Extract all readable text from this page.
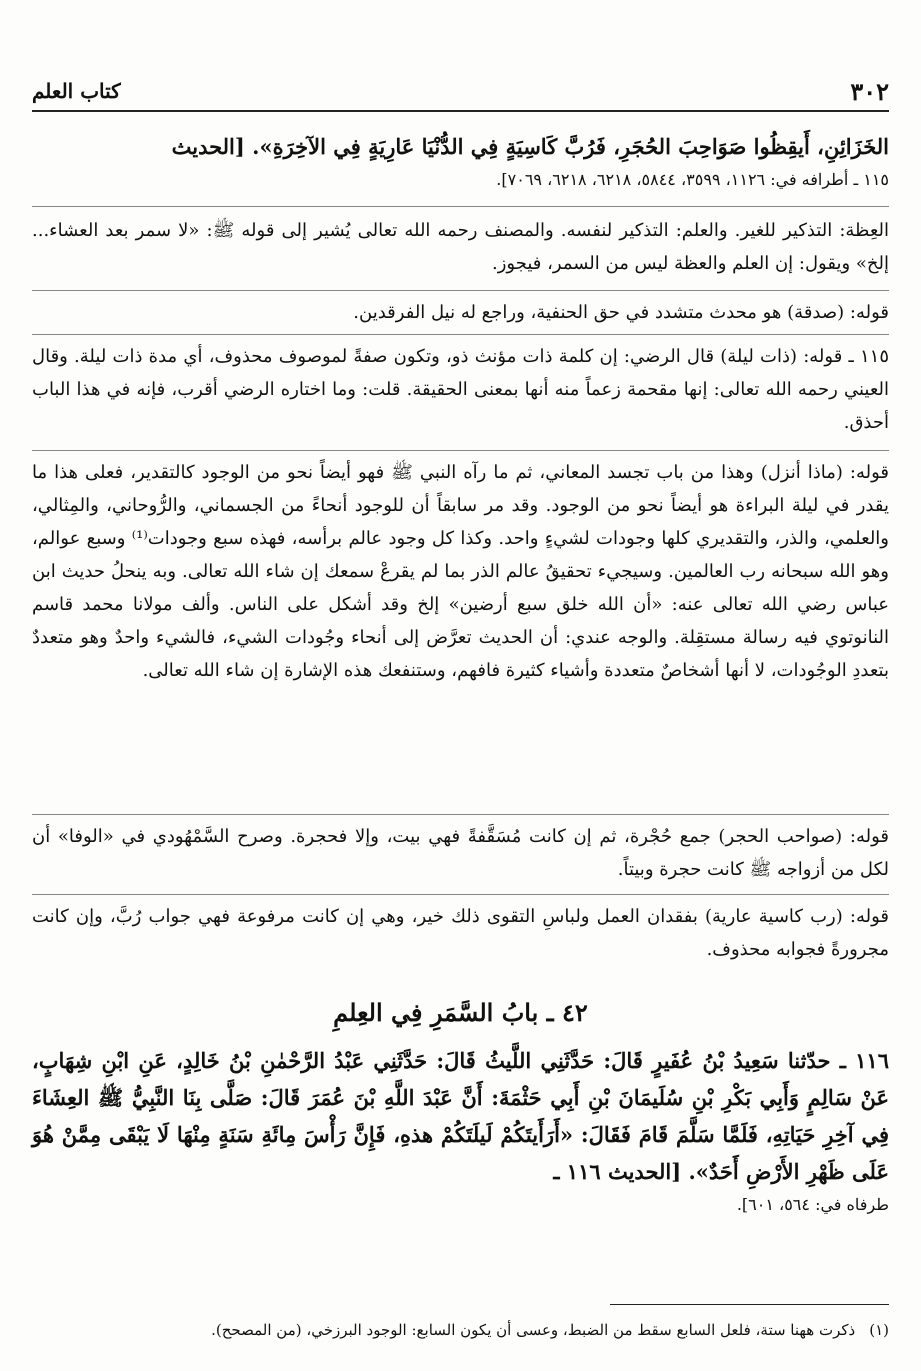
٣٠٢
كتاب العلم

الخَزَائِنِ، أَيقِظُوا صَوَاحِبَ الحُجَرِ، فَرُبَّ كَاسِيَةٍ فِي الدُّنْيَا عَارِيَةٍ فِي الآخِرَةِ». [الحديث

١١٥ ـ أطرافه في: ١١٢٦، ٣٥٩٩، ٥٨٤٤، ٦٢١٨، ٦٢١٨، ٧٠٦٩].

العِظة: التذكير للغير. والعلم: التذكير لنفسه. والمصنف رحمه الله تعالى يُشير إلى قوله ﷺ: «لا سمر بعد العشاء... إلخ» ويقول: إن العلم والعظة ليس من السمر، فيجوز.

قوله: (صدقة) هو محدث متشدد في حق الحنفية، وراجع له نيل الفرقدين.

١١٥ ـ قوله: (ذات ليلة) قال الرضي: إن كلمة ذات مؤنث ذو، وتكون صفةً لموصوف محذوف، أي مدة ذات ليلة. وقال العيني رحمه الله تعالى: إنها مقحمة زعماً منه أنها بمعنى الحقيقة. قلت: وما اختاره الرضي أقرب، فإنه في هذا الباب أحذق.

قوله: (ماذا أنزل) وهذا من باب تجسد المعاني، ثم ما رآه النبي ﷺ فهو أيضاً نحو من الوجود كالتقدير، فعلى هذا ما يقدر في ليلة البراءة هو أيضاً نحو من الوجود. وقد مر سابقاً أن للوجود أنحاءً من الجسماني، والرُّوحاني، والمِثالي، والعلمي، والذر، والتقديري كلها وجودات لشيءٍ واحد. وكذا كل وجود عالم برأسه، فهذه سبع وجودات⁽¹⁾ وسبع عوالم، وهو الله سبحانه رب العالمين. وسيجيء تحقيقُ عالم الذر بما لم يقرعْ سمعك إن شاء الله تعالى. وبه ينحلُ حديث ابن عباس رضي الله تعالى عنه: «أن الله خلق سبع أرضين» إلخ وقد أشكل على الناس. وألف مولانا محمد قاسم النانوتوي فيه رسالة مستقِلة. والوجه عندي: أن الحديث تعرَّض إلى أنحاء وجُودات الشيء، فالشيء واحدٌ وهو متعددٌ بتعددِ الوجُودات، لا أنها أشخاصٌ متعددة وأشياء كثيرة فافهم، وستنفعك هذه الإشارة إن شاء الله تعالى.

قوله: (صواحب الحجر) جمع حُجْرة، ثم إن كانت مُسَقَّفةً فهي بيت، وإلا فحجرة. وصرح السَّمْهُودي في «الوفا» أن لكل من أزواجه ﷺ كانت حجرة وبيتاً.

قوله: (رب كاسية عارية) بفقدان العمل ولباسِ التقوى ذلك خير، وهي إن كانت مرفوعة فهي جواب رُبَّ، وإن كانت مجرورةً فجوابه محذوف.

٤٢ ـ بابُ السَّمَرِ فِي العِلمِ

١١٦ ـ حدّثنا سَعِيدُ بْنُ عُفَيرٍ قَالَ: حَدَّثَنِي اللَّيثُ قَالَ: حَدَّثَنِي عَبْدُ الرَّحْمٰنِ بْنُ خَالِدٍ، عَنِ ابْنِ شِهَابٍ، عَنْ سَالِمٍ وَأَبِي بَكْرِ بْنِ سُلَيمَانَ بْنِ أَبِي حَثْمَةَ: أَنَّ عَبْدَ اللَّهِ بْنَ عُمَرَ قَالَ: صَلَّى بِنَا النَّبِيُّ ﷺ العِشَاءَ فِي آخِرِ حَيَاتِهِ، فَلَمَّا سَلَّمَ قَامَ فَقَالَ: «أَرَأَيتَكُمْ لَيلَتَكُمْ هذهِ، فَإِنَّ رَأْسَ مِائَةِ سَنَةٍ مِنْهَا لَا يَبْقَى مِمَّنْ هُوَ عَلَى ظَهْرِ الأَرْضِ أَحَدٌ». [الحديث ١١٦ ـ

طرفاه في: ٥٦٤، ٦٠١].

(١)ذكرت ههنا ستة، فلعل السابع سقط من الضبط، وعسى أن يكون السابع: الوجود البرزخي، (من المصحح).
